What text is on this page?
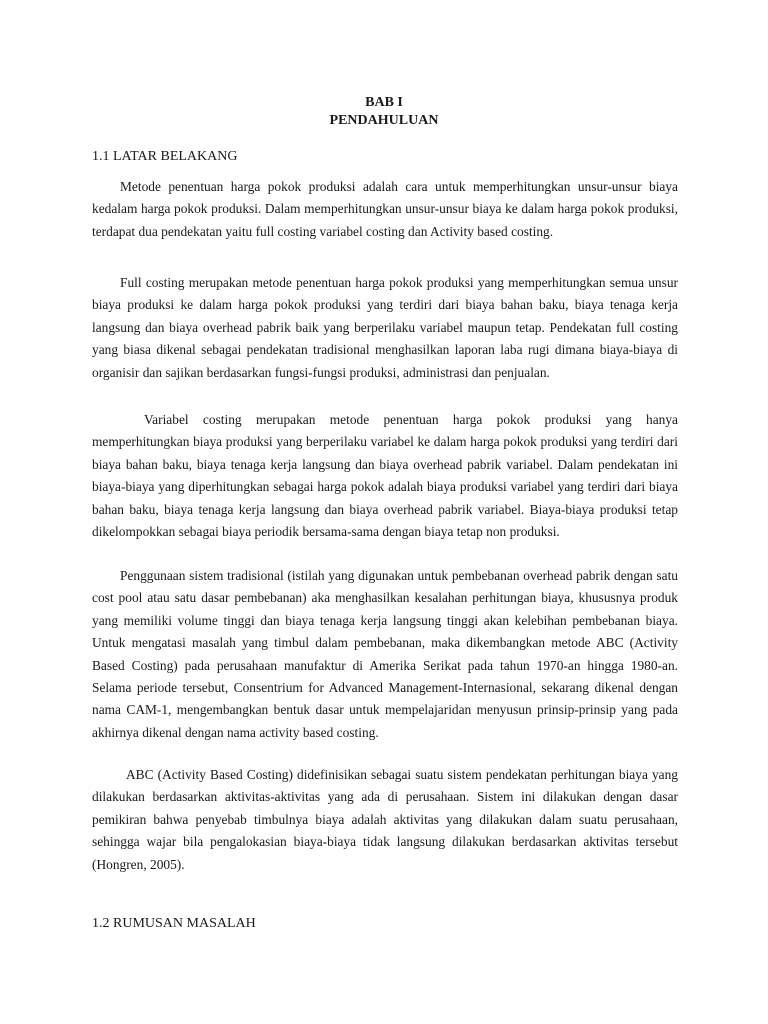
BAB I
PENDAHULUAN
1.1 LATAR BELAKANG
Metode penentuan harga pokok produksi adalah cara untuk memperhitungkan unsur-unsur biaya kedalam harga pokok produksi. Dalam memperhitungkan unsur-unsur biaya ke dalam harga pokok produksi, terdapat dua pendekatan yaitu full costing variabel costing dan Activity based costing.
Full costing merupakan metode penentuan harga pokok produksi yang memperhitungkan semua unsur biaya produksi ke dalam harga pokok produksi yang terdiri dari biaya bahan baku, biaya tenaga kerja langsung dan biaya overhead pabrik baik yang berperilaku variabel maupun tetap. Pendekatan full costing yang biasa dikenal sebagai pendekatan tradisional menghasilkan laporan laba rugi dimana biaya-biaya di organisir dan sajikan berdasarkan fungsi-fungsi produksi, administrasi dan penjualan.
Variabel costing merupakan metode penentuan harga pokok produksi yang hanya memperhitungkan biaya produksi yang berperilaku variabel ke dalam harga pokok produksi yang terdiri dari biaya bahan baku, biaya tenaga kerja langsung dan biaya overhead pabrik variabel. Dalam pendekatan ini biaya-biaya yang diperhitungkan sebagai harga pokok adalah biaya produksi variabel yang terdiri dari biaya bahan baku, biaya tenaga kerja langsung dan biaya overhead pabrik variabel. Biaya-biaya produksi tetap dikelompokkan sebagai biaya periodik bersama-sama dengan biaya tetap non produksi.
Penggunaan sistem tradisional (istilah yang digunakan untuk pembebanan overhead pabrik dengan satu cost pool atau satu dasar pembebanan) aka menghasilkan kesalahan perhitungan biaya, khususnya produk yang memiliki volume tinggi dan biaya tenaga kerja langsung tinggi akan kelebihan pembebanan biaya. Untuk mengatasi masalah yang timbul dalam pembebanan, maka dikembangkan metode ABC (Activity Based Costing) pada perusahaan manufaktur di Amerika Serikat pada tahun 1970-an hingga 1980-an. Selama periode tersebut, Consentrium for Advanced Management-Internasional, sekarang dikenal dengan nama CAM-1, mengembangkan bentuk dasar untuk mempelajaridan menyusun prinsip-prinsip yang pada akhirnya dikenal dengan nama activity based costing.
ABC (Activity Based Costing) didefinisikan sebagai suatu sistem pendekatan perhitungan biaya yang dilakukan berdasarkan aktivitas-aktivitas yang ada di perusahaan. Sistem ini dilakukan dengan dasar pemikiran bahwa penyebab timbulnya biaya adalah aktivitas yang dilakukan dalam suatu perusahaan, sehingga wajar bila pengalokasian biaya-biaya tidak langsung dilakukan berdasarkan aktivitas tersebut (Hongren, 2005).
1.2 RUMUSAN MASALAH
